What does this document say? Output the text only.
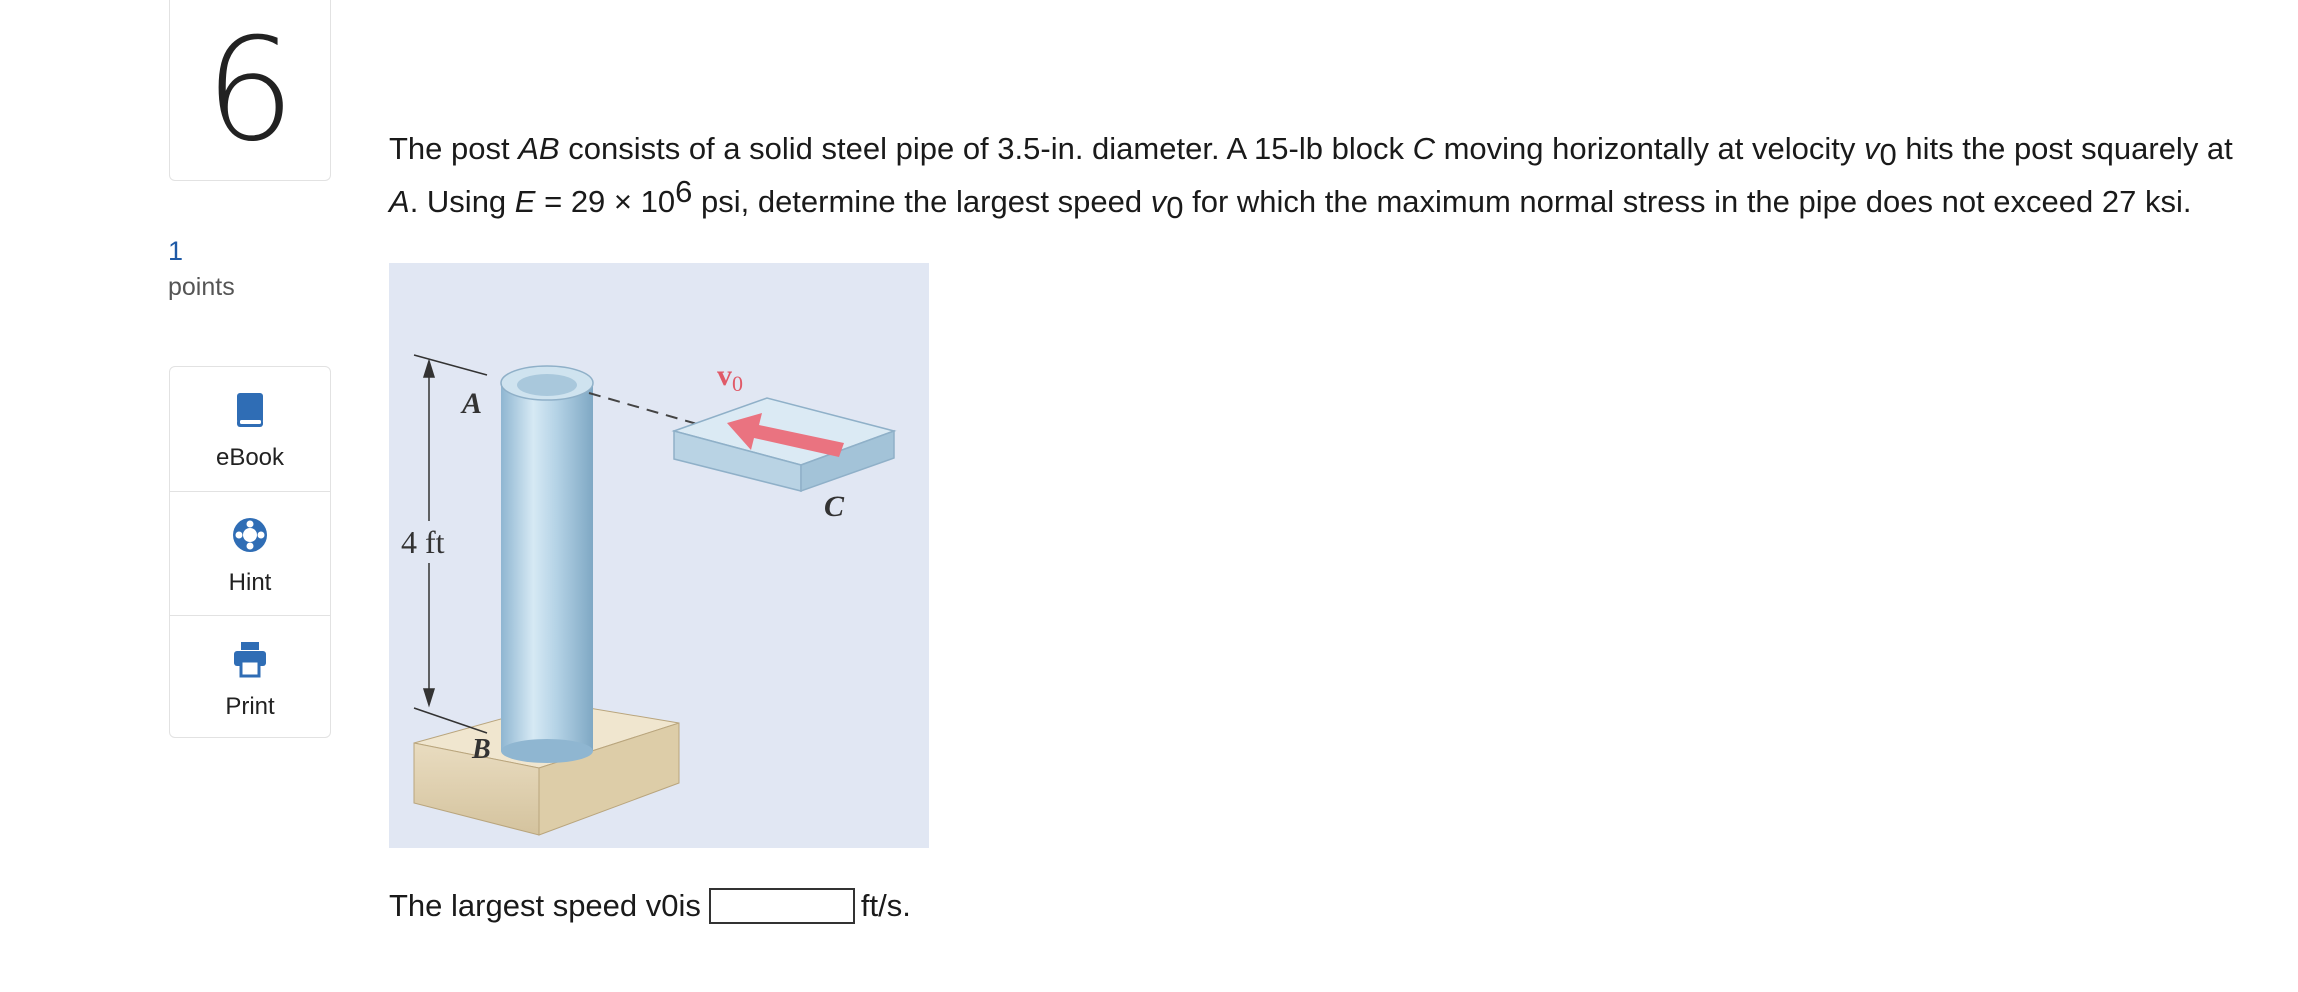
6
1
points
eBook
Hint
Print
The post AB consists of a solid steel pipe of 3.5-in. diameter. A 15-lb block C moving horizontally at velocity $v_0$ hits the post squarely at
A. Using $E = 29 \times 10^6$ psi, determine the largest speed $v_0$ for which the maximum normal stress in the pipe does not exceed 27 ksi.
$v_0$
A
B
C
4 ft
The largest speed v 0 is	ft/s.
